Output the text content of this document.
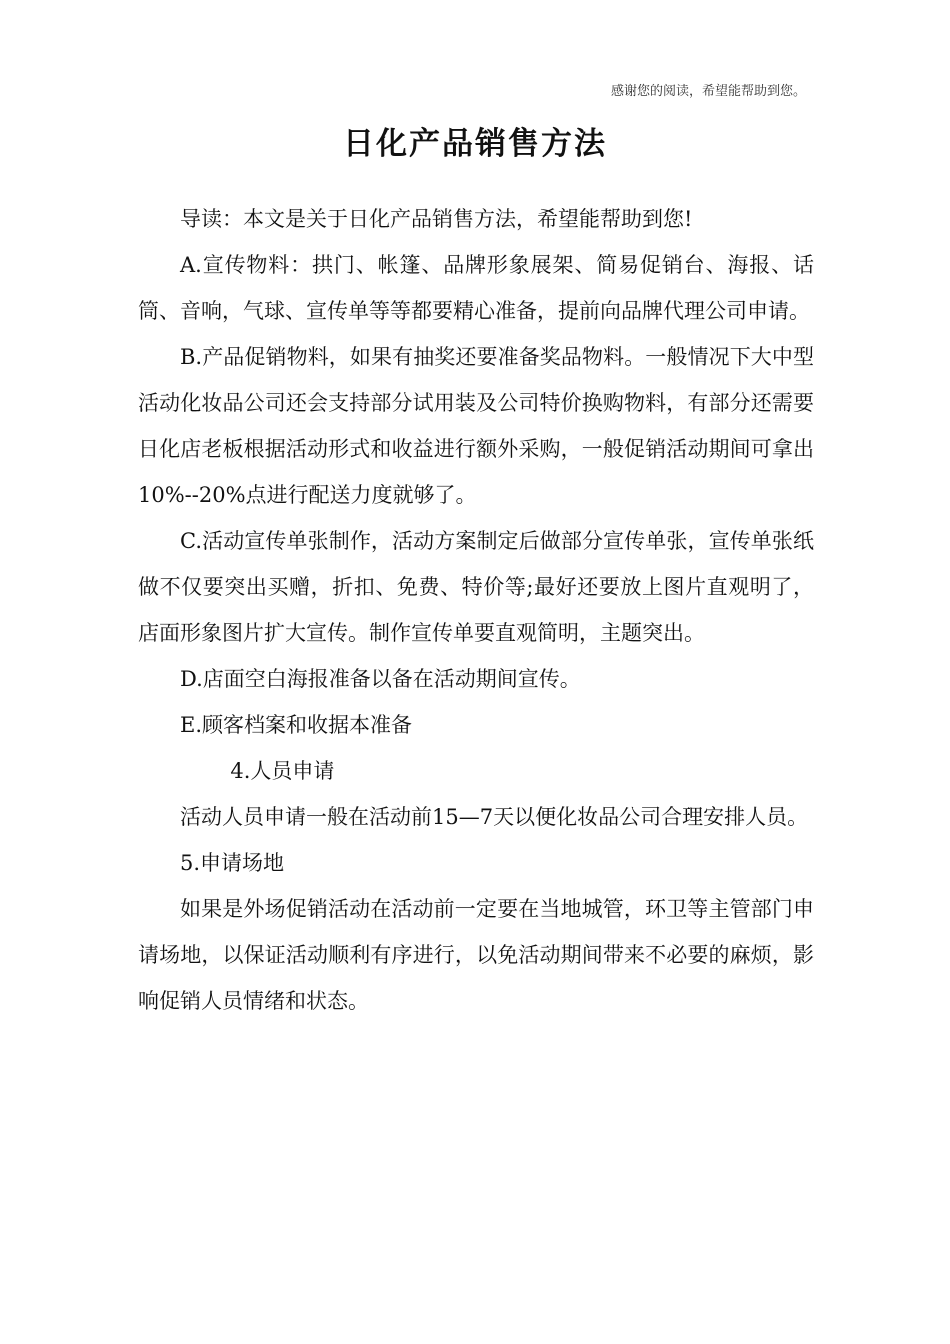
感谢您的阅读，希望能帮助到您。
日化产品销售方法

导读：本文是关于日化产品销售方法，希望能帮助到您!

A.宣传物料：拱门、帐篷、品牌形象展架、简易促销台、海报、话筒、音响，气球、宣传单等等都要精心准备，提前向品牌代理公司申请。

B.产品促销物料，如果有抽奖还要准备奖品物料。一般情况下大中型活动化妆品公司还会支持部分试用装及公司特价换购物料，有部分还需要日化店老板根据活动形式和收益进行额外采购，一般促销活动期间可拿出10%--20%点进行配送力度就够了。

C.活动宣传单张制作，活动方案制定后做部分宣传单张，宣传单张纸做不仅要突出买赠，折扣、免费、特价等;最好还要放上图片直观明了，店面形象图片扩大宣传。制作宣传单要直观简明，主题突出。

D.店面空白海报准备以备在活动期间宣传。

E.顾客档案和收据本准备

4.人员申请

活动人员申请一般在活动前15—7天以便化妆品公司合理安排人员。

5.申请场地

如果是外场促销活动在活动前一定要在当地城管，环卫等主管部门申请场地，以保证活动顺利有序进行，以免活动期间带来不必要的麻烦，影响促销人员情绪和状态。
